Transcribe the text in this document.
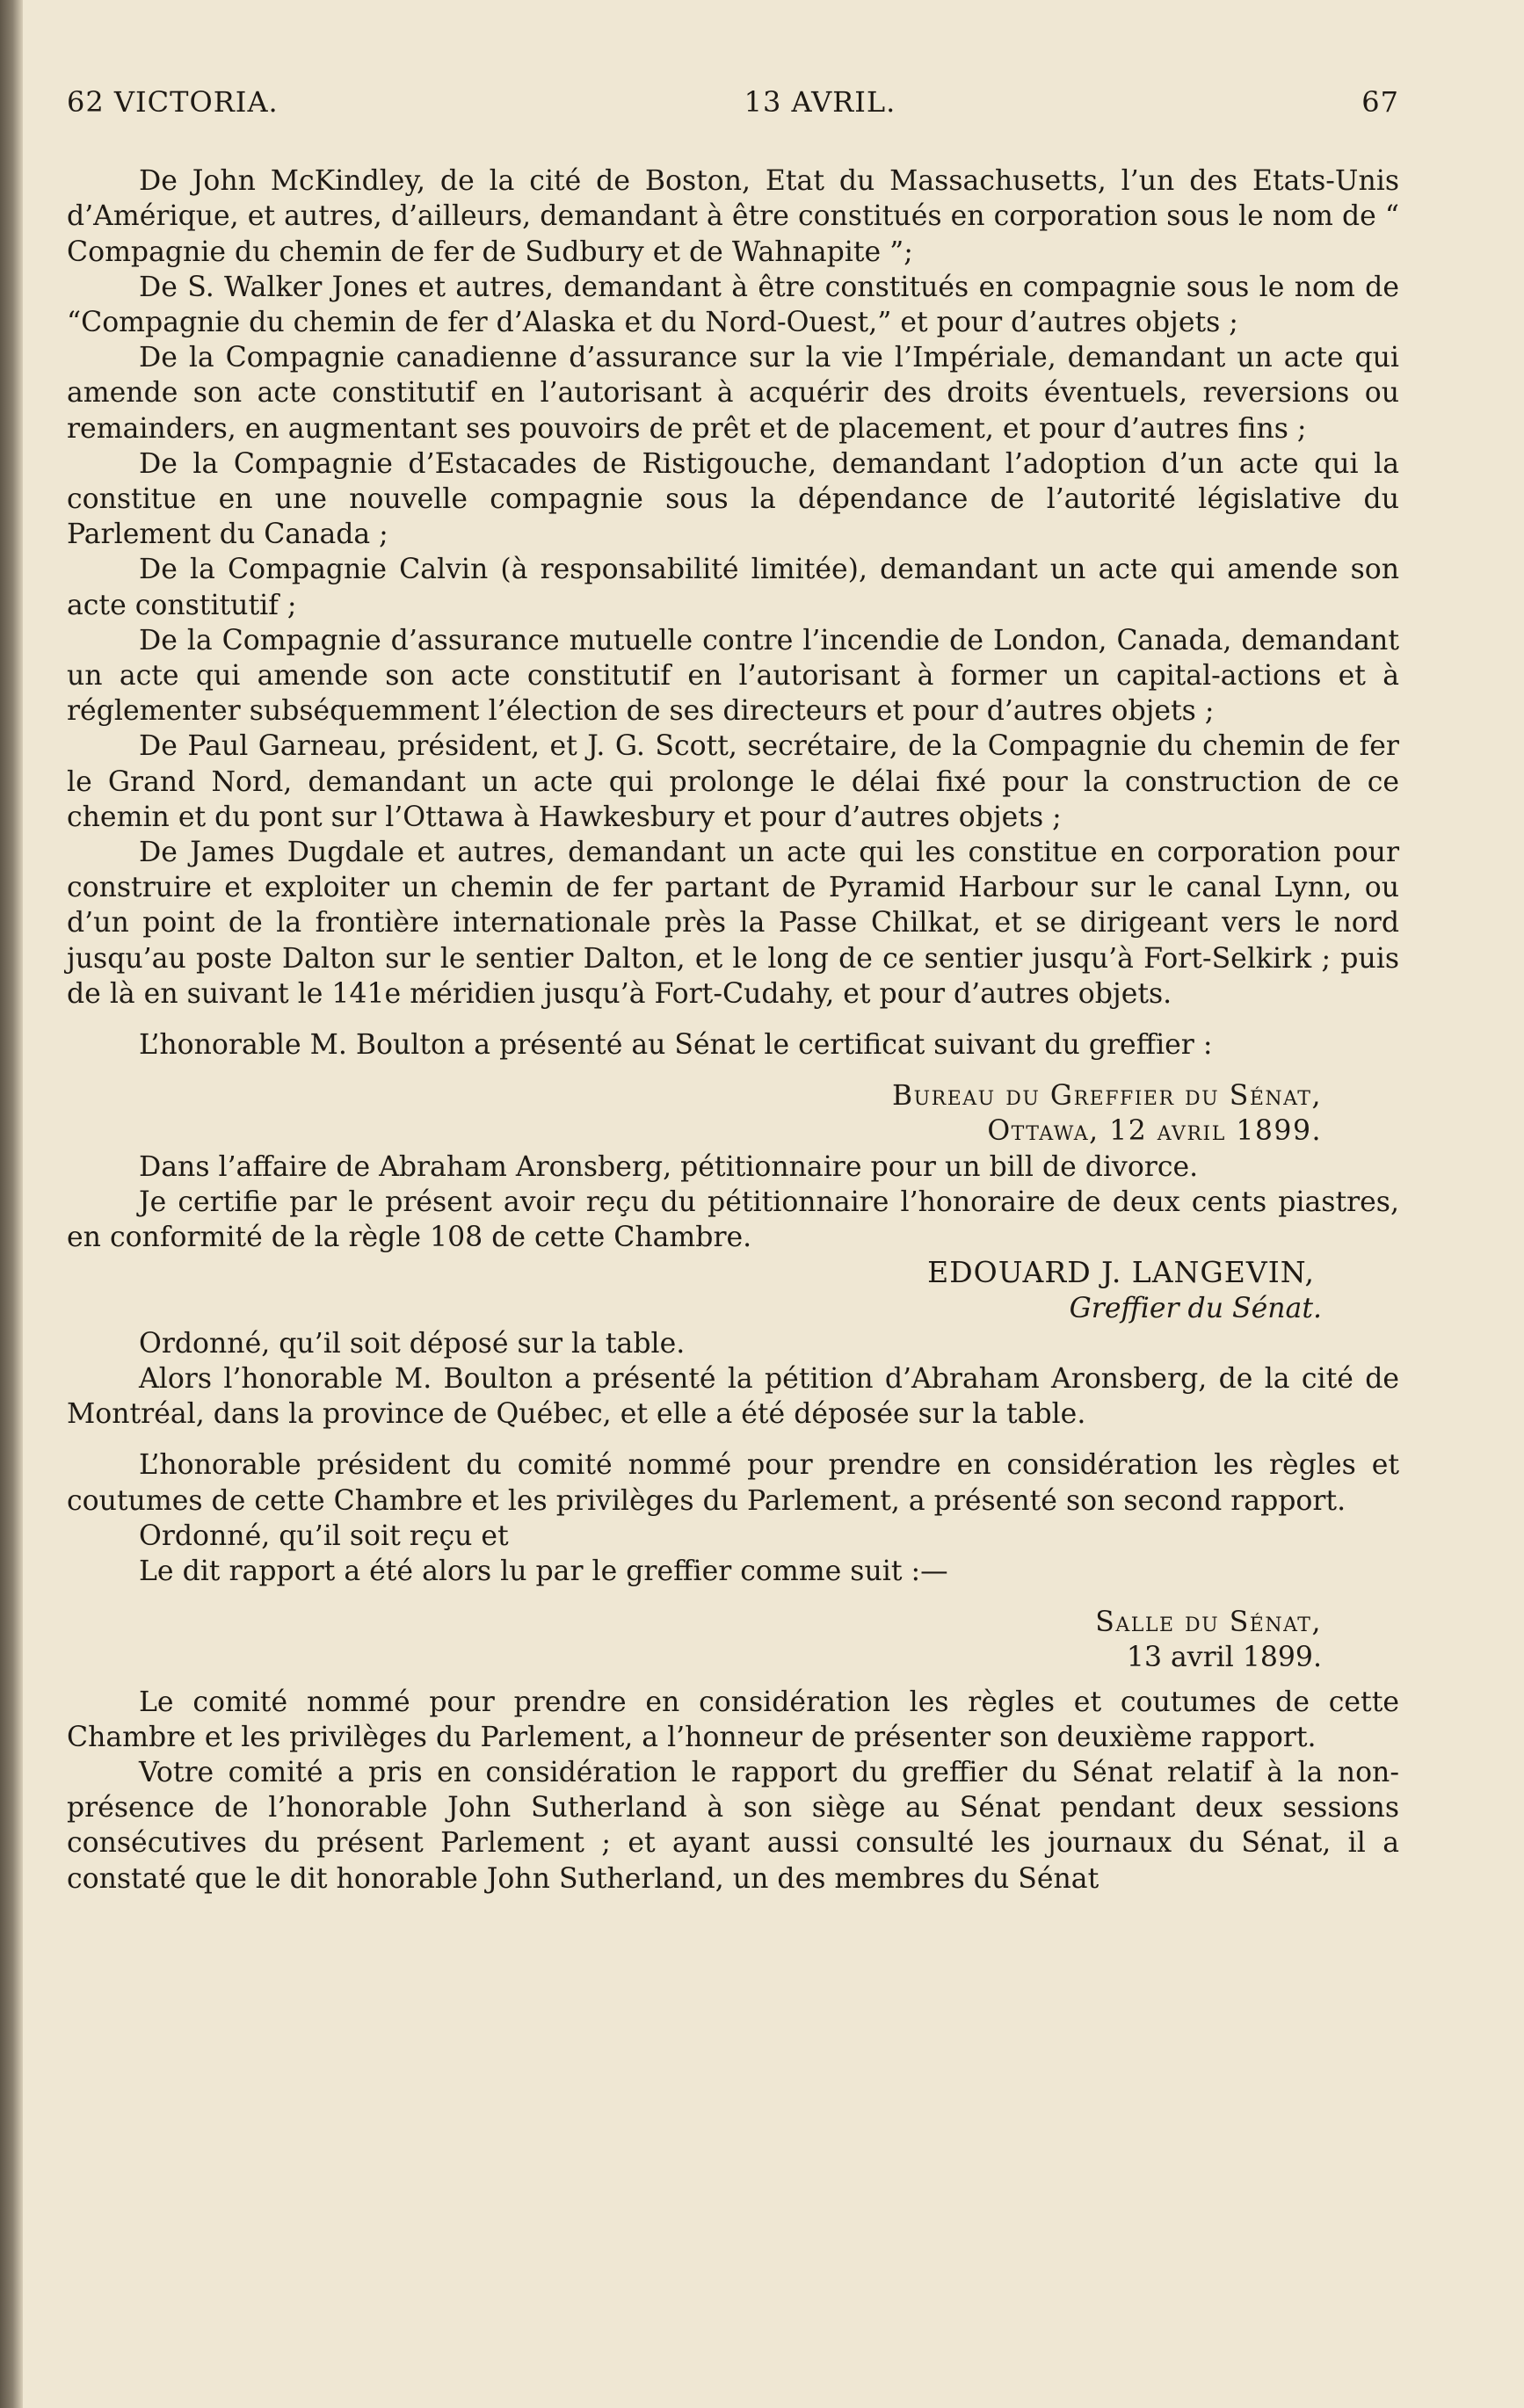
62 VICTORIA.	13 AVRIL.	67
De John McKindley, de la cité de Boston, Etat du Massachusetts, l’un des Etats-Unis d’Amérique, et autres, d’ailleurs, demandant à être constitués en corporation sous le nom de “ Compagnie du chemin de fer de Sudbury et de Wahnapite ”;
De S. Walker Jones et autres, demandant à être constitués en compagnie sous le nom de “Compagnie du chemin de fer d’Alaska et du Nord-Ouest,” et pour d’autres objets ;
De la Compagnie canadienne d’assurance sur la vie l’Impériale, demandant un acte qui amende son acte constitutif en l’autorisant à acquérir des droits éventuels, reversions ou remainders, en augmentant ses pouvoirs de prêt et de placement, et pour d’autres fins ;
De la Compagnie d’Estacades de Ristigouche, demandant l’adoption d’un acte qui la constitue en une nouvelle compagnie sous la dépendance de l’autorité législative du Parlement du Canada ;
De la Compagnie Calvin (à responsabilité limitée), demandant un acte qui amende son acte constitutif ;
De la Compagnie d’assurance mutuelle contre l’incendie de London, Canada, demandant un acte qui amende son acte constitutif en l’autorisant à former un capital-actions et à réglementer subséquemment l’élection de ses directeurs et pour d’autres objets ;
De Paul Garneau, président, et J. G. Scott, secrétaire, de la Compagnie du chemin de fer le Grand Nord, demandant un acte qui prolonge le délai fixé pour la construction de ce chemin et du pont sur l’Ottawa à Hawkesbury et pour d’autres objets ;
De James Dugdale et autres, demandant un acte qui les constitue en corporation pour construire et exploiter un chemin de fer partant de Pyramid Harbour sur le canal Lynn, ou d’un point de la frontière internationale près la Passe Chilkat, et se dirigeant vers le nord jusqu’au poste Dalton sur le sentier Dalton, et le long de ce sentier jusqu’à Fort-Selkirk ; puis de là en suivant le 141e méridien jusqu’à Fort-Cudahy, et pour d’autres objets.
L’honorable M. Boulton a présenté au Sénat le certificat suivant du greffier :
Bureau du Greffier du Sénat,
Ottawa, 12 avril 1899.
Dans l’affaire de Abraham Aronsberg, pétitionnaire pour un bill de divorce.
Je certifie par le présent avoir reçu du pétitionnaire l’honoraire de deux cents piastres, en conformité de la règle 108 de cette Chambre.
EDOUARD J. LANGEVIN,
Greffier du Sénat.
Ordonné, qu’il soit déposé sur la table.
Alors l’honorable M. Boulton a présenté la pétition d’Abraham Aronsberg, de la cité de Montréal, dans la province de Québec, et elle a été déposée sur la table.
L’honorable président du comité nommé pour prendre en considération les règles et coutumes de cette Chambre et les privilèges du Parlement, a présenté son second rapport.
Ordonné, qu’il soit reçu et
Le dit rapport a été alors lu par le greffier comme suit :—
Salle du Sénat,
13 avril 1899.
Le comité nommé pour prendre en considération les règles et coutumes de cette Chambre et les privilèges du Parlement, a l’honneur de présenter son deuxième rapport.
Votre comité a pris en considération le rapport du greffier du Sénat relatif à la non-présence de l’honorable John Sutherland à son siège au Sénat pendant deux sessions consécutives du présent Parlement ; et ayant aussi consulté les journaux du Sénat, il a constaté que le dit honorable John Sutherland, un des membres du Sénat
